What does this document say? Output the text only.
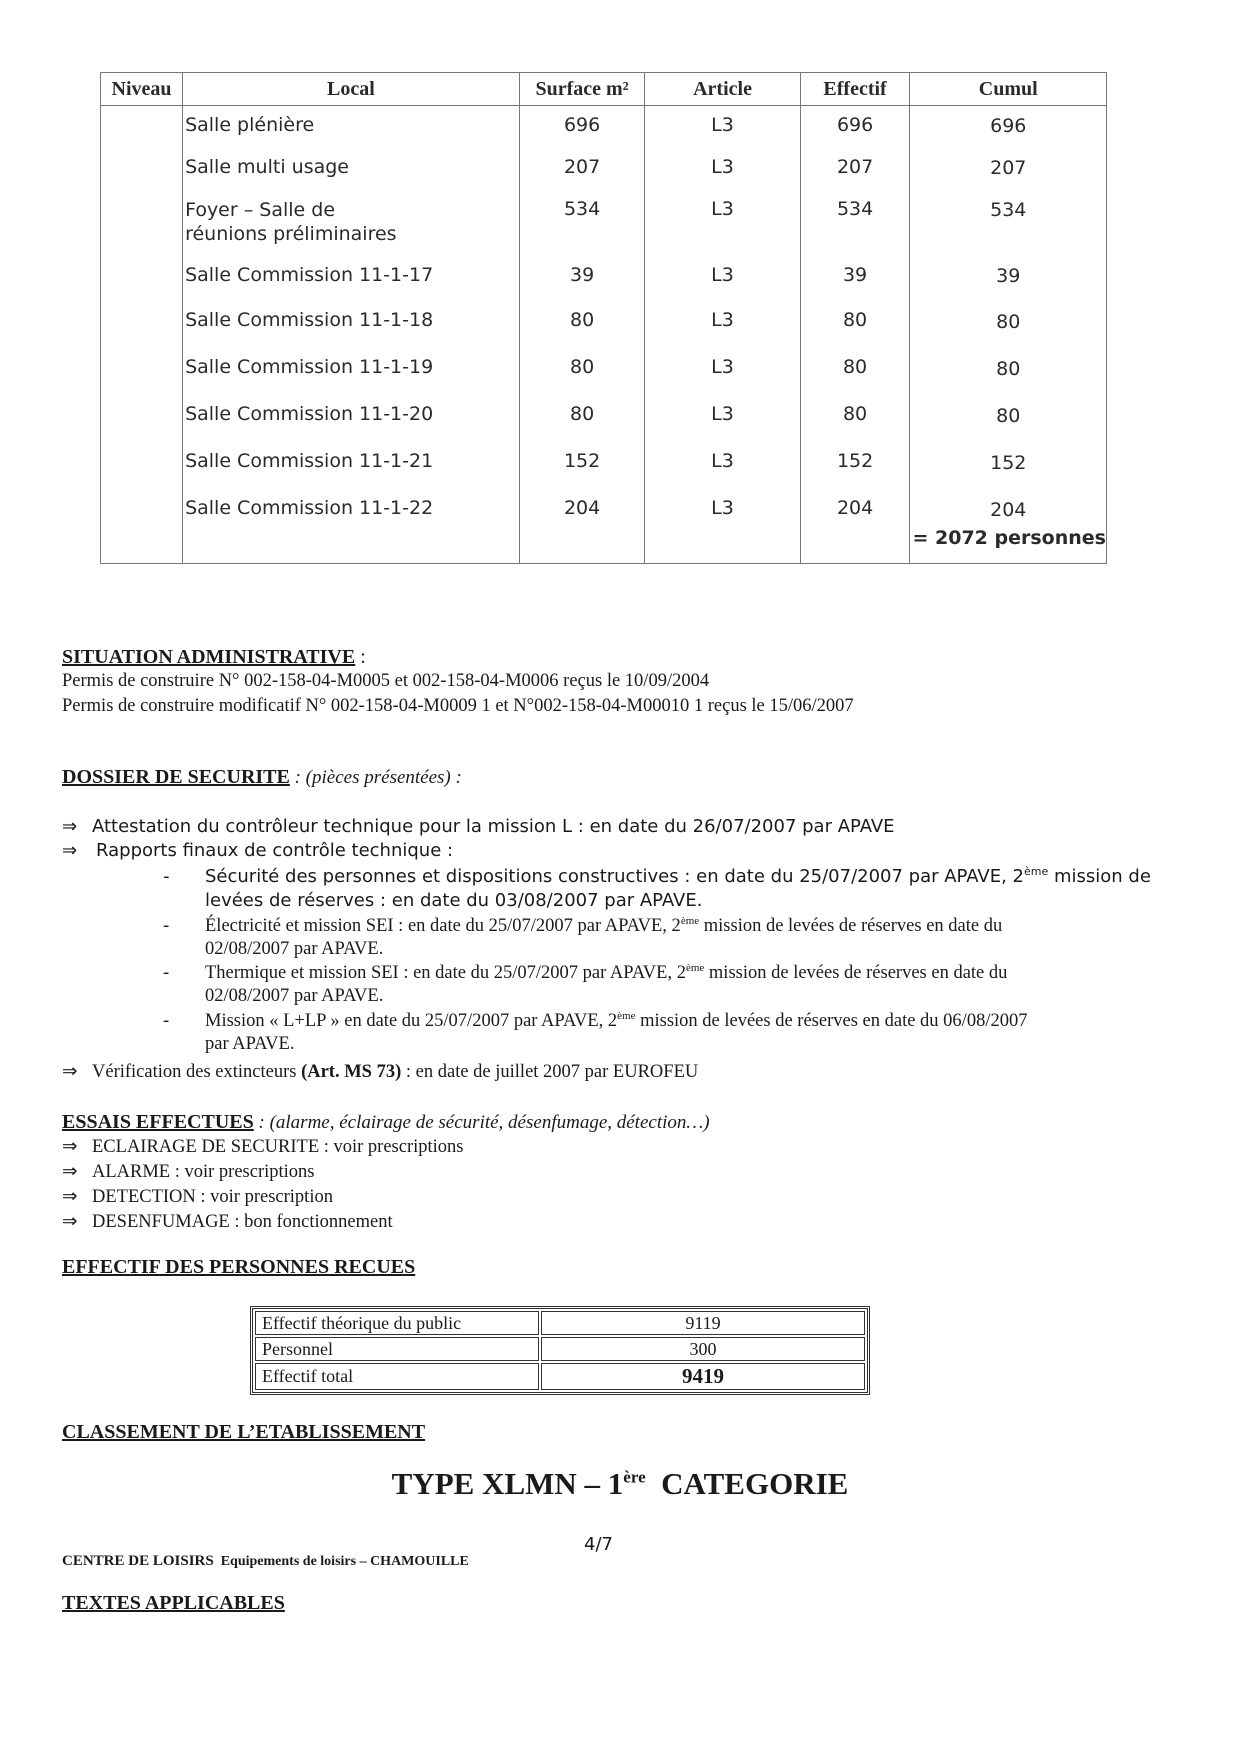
Niveau	Local	Surface m²	Article	Effectif	Cumul
	Salle plénière	696	L3	696	696
	Salle multi usage	207	L3	207	207
	Foyer – Salle de réunions préliminaires	534	L3	534	534
	Salle Commission 11-1-17	39	L3	39	39
	Salle Commission 11-1-18	80	L3	80	80
	Salle Commission 11-1-19	80	L3	80	80
	Salle Commission 11-1-20	80	L3	80	80
	Salle Commission 11-1-21	152	L3	152	152
	Salle Commission 11-1-22	204	L3	204	204
= 2072 personnes
SITUATION ADMINISTRATIVE :
Permis de construire N° 002-158-04-M0005 et 002-158-04-M0006 reçus le 10/09/2004
Permis de construire modificatif N° 002-158-04-M0009 1 et N°002-158-04-M00010 1 reçus le 15/06/2007
DOSSIER DE SECURITE : (pièces présentées) :
⇒ Attestation du contrôleur technique pour la mission L : en date du 26/07/2007 par APAVE
⇒ Rapports finaux de contrôle technique :
- Sécurité des personnes et dispositions constructives : en date du 25/07/2007 par APAVE, 2ème mission de
levées de réserves : en date du 03/08/2007 par APAVE.
- Électricité et mission SEI : en date du 25/07/2007 par APAVE, 2ème mission de levées de réserves en date du
02/08/2007 par APAVE.
- Thermique et mission SEI : en date du 25/07/2007 par APAVE, 2ème mission de levées de réserves en date du
02/08/2007 par APAVE.
- Mission « L+LP » en date du 25/07/2007 par APAVE, 2ème mission de levées de réserves en date du 06/08/2007
par APAVE.
⇒ Vérification des extincteurs (Art. MS 73) : en date de juillet 2007 par EUROFEU
ESSAIS EFFECTUES : (alarme, éclairage de sécurité, désenfumage, détection…)
⇒ ECLAIRAGE DE SECURITE : voir prescriptions
⇒ ALARME : voir prescriptions
⇒ DETECTION : voir prescription
⇒ DESENFUMAGE : bon fonctionnement
EFFECTIF DES PERSONNES RECUES
Effectif théorique du public	9119
Personnel	300
Effectif total	9419
CLASSEMENT DE L’ETABLISSEMENT
TYPE XLMN – 1ère  CATEGORIE
4/7
CENTRE DE LOISIRS  Equipements de loisirs – CHAMOUILLE
TEXTES APPLICABLES
